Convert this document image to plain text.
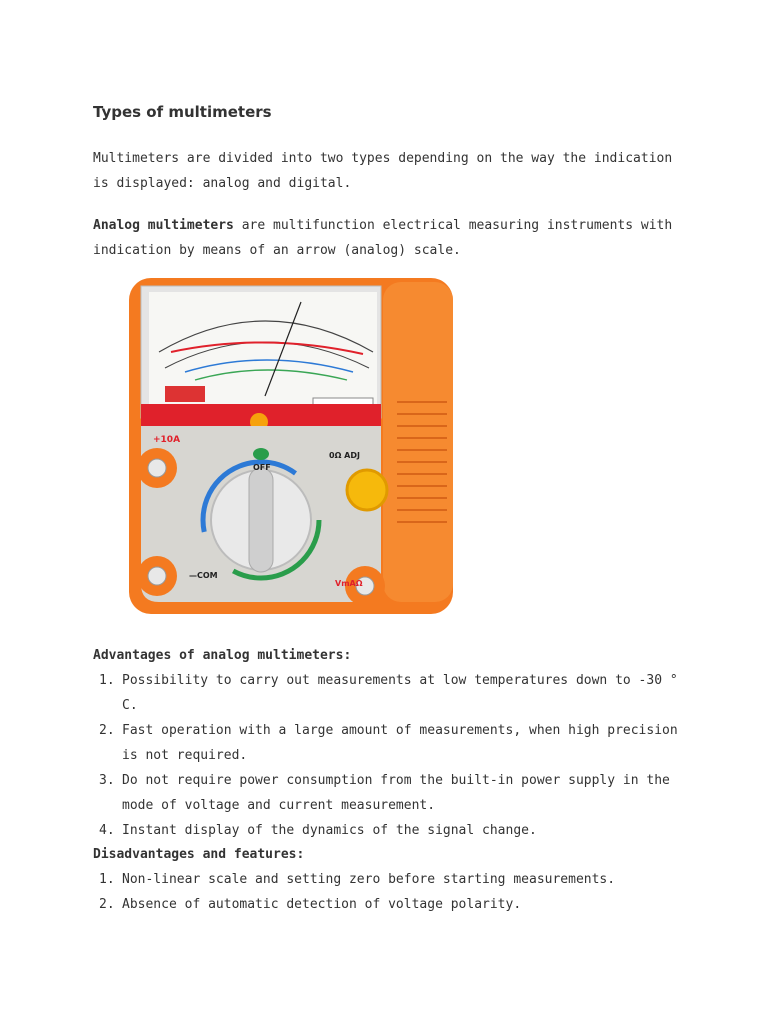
Types of multimeters

Multimeters are divided into two types depending on the way the indication is displayed: analog and digital.

Analog multimeters are multifunction electrical measuring instruments with indication by means of an arrow (analog) scale.

Advantages of analog multimeters:
1. Possibility to carry out measurements at low temperatures down to -30 ° C.
2. Fast operation with a large amount of measurements, when high precision is not required.
3. Do not require power consumption from the built-in power supply in the mode of voltage and current measurement.
4. Instant display of the dynamics of the signal change.
Disadvantages and features:
1. Non-linear scale and setting zero before starting measurements.
2. Absence of automatic detection of voltage polarity.
+10A
OFF
0Ω ADJ
—COM
VmAΩ
